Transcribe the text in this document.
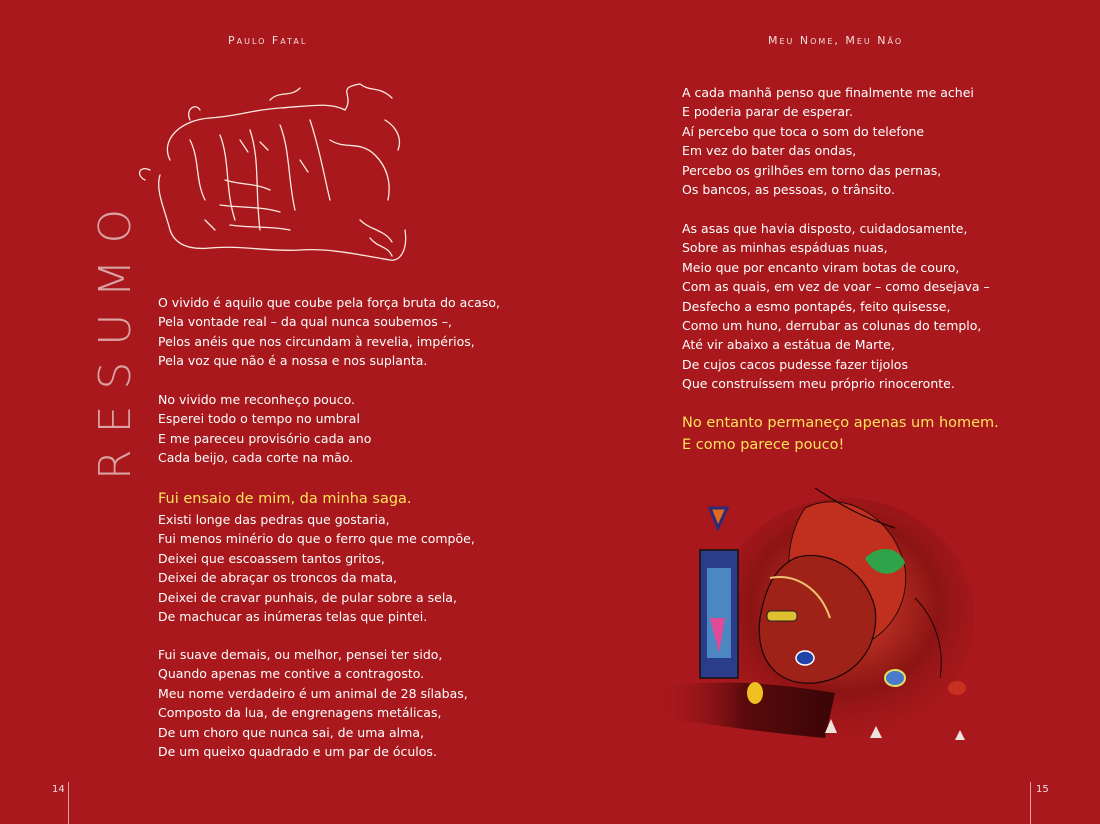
Paulo Fatal
RESUMO O vivido é aquilo que coube pela força bruta do acaso,
Pela vontade real – da qual nunca soubemos –,
Pelos anéis que nos circundam à revelia, impérios,
Pela voz que não é a nossa e nos suplanta.
No vivido me reconheço pouco.
Esperei todo o tempo no umbral
E me pareceu provisório cada ano
Cada beijo, cada corte na mão.
Fui ensaio de mim, da minha saga.
Existi longe das pedras que gostaria,
Fui menos minério do que o ferro que me compõe,
Deixei que escoassem tantos gritos,
Deixei de abraçar os troncos da mata,
Deixei de cravar punhais, de pular sobre a sela,
De machucar as inúmeras telas que pintei.
Fui suave demais, ou melhor, pensei ter sido,
Quando apenas me contive a contragosto.
Meu nome verdadeiro é um animal de 28 sílabas,
Composto da lua, de engrenagens metálicas,
De um choro que nunca sai, de uma alma,
De um queixo quadrado e um par de óculos.
14
Meu Nome, Meu Não
A cada manhã penso que finalmente me achei
E poderia parar de esperar.
Aí percebo que toca o som do telefone
Em vez do bater das ondas,
Percebo os grilhões em torno das pernas,
Os bancos, as pessoas, o trânsito.
As asas que havia disposto, cuidadosamente,
Sobre as minhas espáduas nuas,
Meio que por encanto viram botas de couro,
Com as quais, em vez de voar – como desejava –
Desfecho a esmo pontapés, feito quisesse,
Como um huno, derrubar as colunas do templo,
Até vir abaixo a estátua de Marte,
De cujos cacos pudesse fazer tijolos
Que construíssem meu próprio rinoceronte.
No entanto permaneço apenas um homem.
E como parece pouco!
15
